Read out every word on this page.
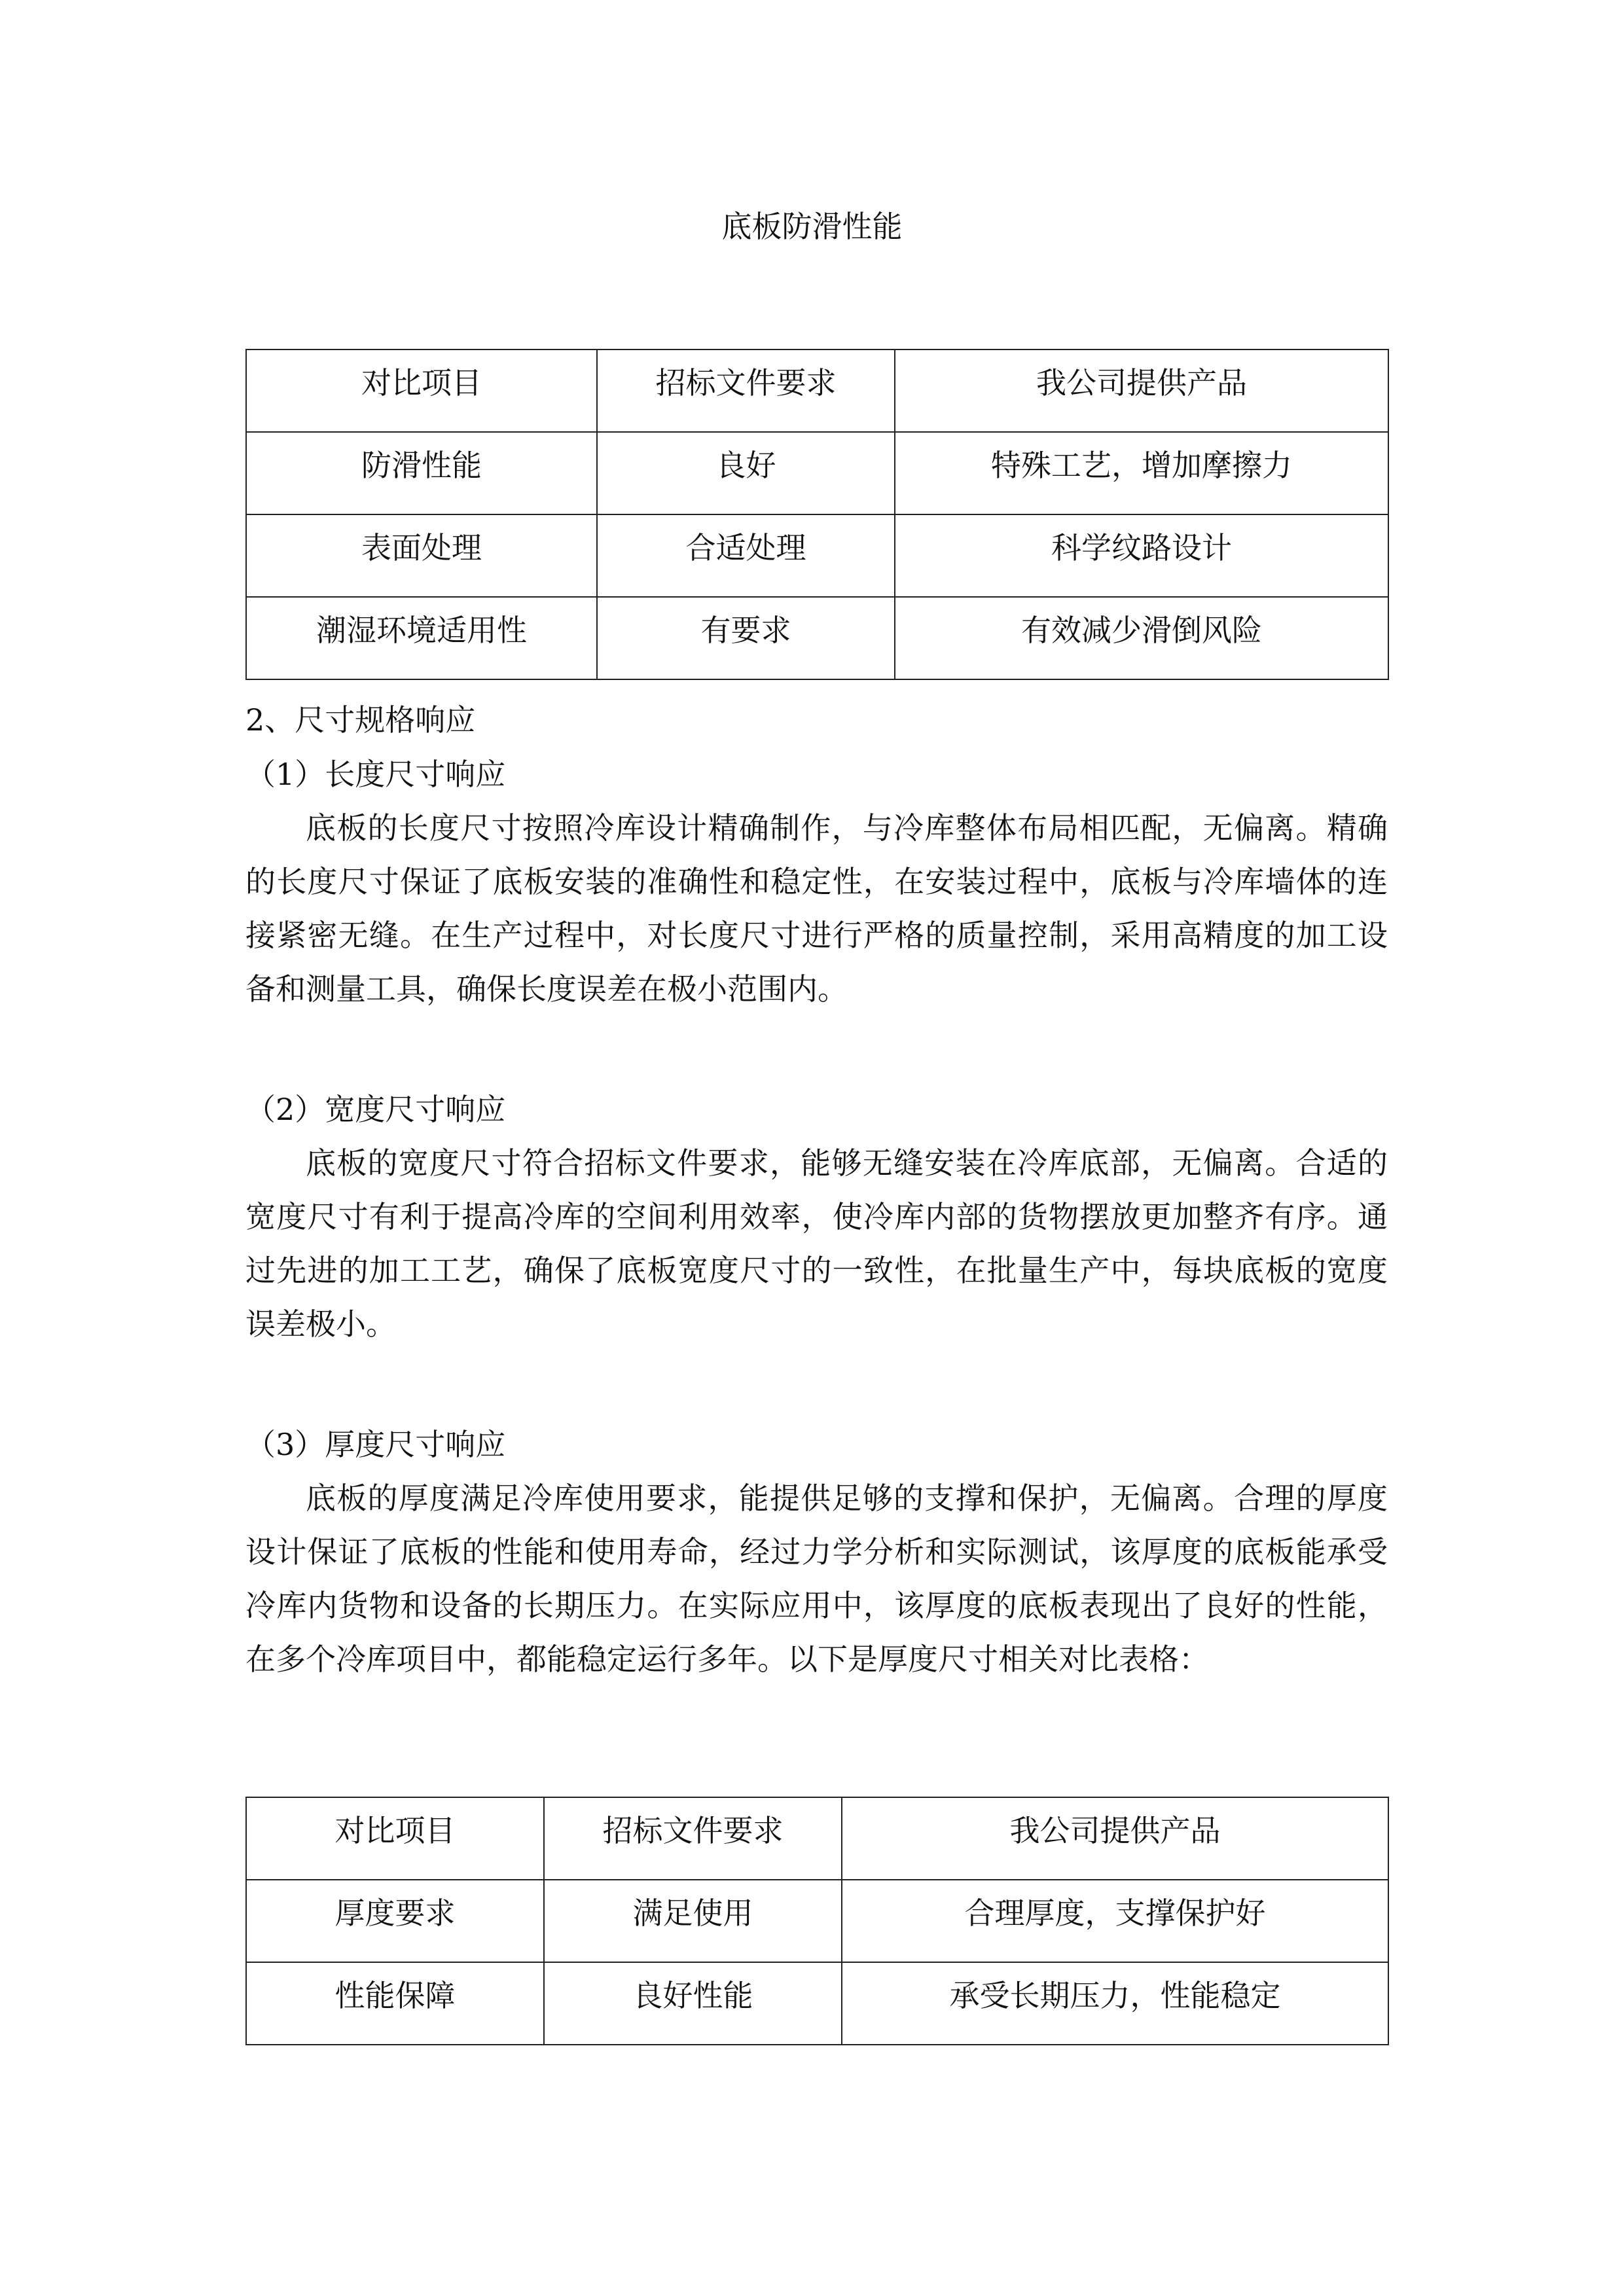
底板防滑性能
对比项目	招标文件要求	我公司提供产品
防滑性能	良好	特殊工艺，增加摩擦力
表面处理	合适处理	科学纹路设计
潮湿环境适用性	有要求	有效减少滑倒风险
2、尺寸规格响应
（1）长度尺寸响应

底板的长度尺寸按照冷库设计精确制作，与冷库整体布局相匹配，无偏离。精确的长度尺寸保证了底板安装的准确性和稳定性，在安装过程中，底板与冷库墙体的连接紧密无缝。在生产过程中，对长度尺寸进行严格的质量控制，采用高精度的加工设备和测量工具，确保长度误差在极小范围内。

（2）宽度尺寸响应

底板的宽度尺寸符合招标文件要求，能够无缝安装在冷库底部，无偏离。合适的宽度尺寸有利于提高冷库的空间利用效率，使冷库内部的货物摆放更加整齐有序。通过先进的加工工艺，确保了底板宽度尺寸的一致性，在批量生产中，每块底板的宽度误差极小。

（3）厚度尺寸响应

底板的厚度满足冷库使用要求，能提供足够的支撑和保护，无偏离。合理的厚度设计保证了底板的性能和使用寿命，经过力学分析和实际测试，该厚度的底板能承受冷库内货物和设备的长期压力。在实际应用中，该厚度的底板表现出了良好的性能，在多个冷库项目中，都能稳定运行多年。以下是厚度尺寸相关对比表格：

对比项目	招标文件要求	我公司提供产品
厚度要求	满足使用	合理厚度，支撑保护好
性能保障	良好性能	承受长期压力，性能稳定
